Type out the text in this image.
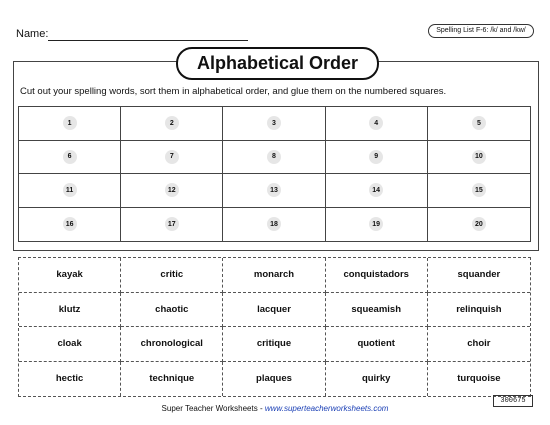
Name:	Spelling List F-6: /k/ and /kw/
Alphabetical Order
Cut out your spelling words, sort them in alphabetical order, and glue them on the numbered squares.
1	2	3	4	5
6	7	8	9	10
11	12	13	14	15
16	17	18	19	20
kayak	critic	monarch	conquistadors	squander
klutz	chaotic	lacquer	squeamish	relinquish
cloak	chronological	critique	quotient	choir
hectic	technique	plaques	quirky	turquoise
Super Teacher Worksheets - www.superteacherworksheets.com
300675
